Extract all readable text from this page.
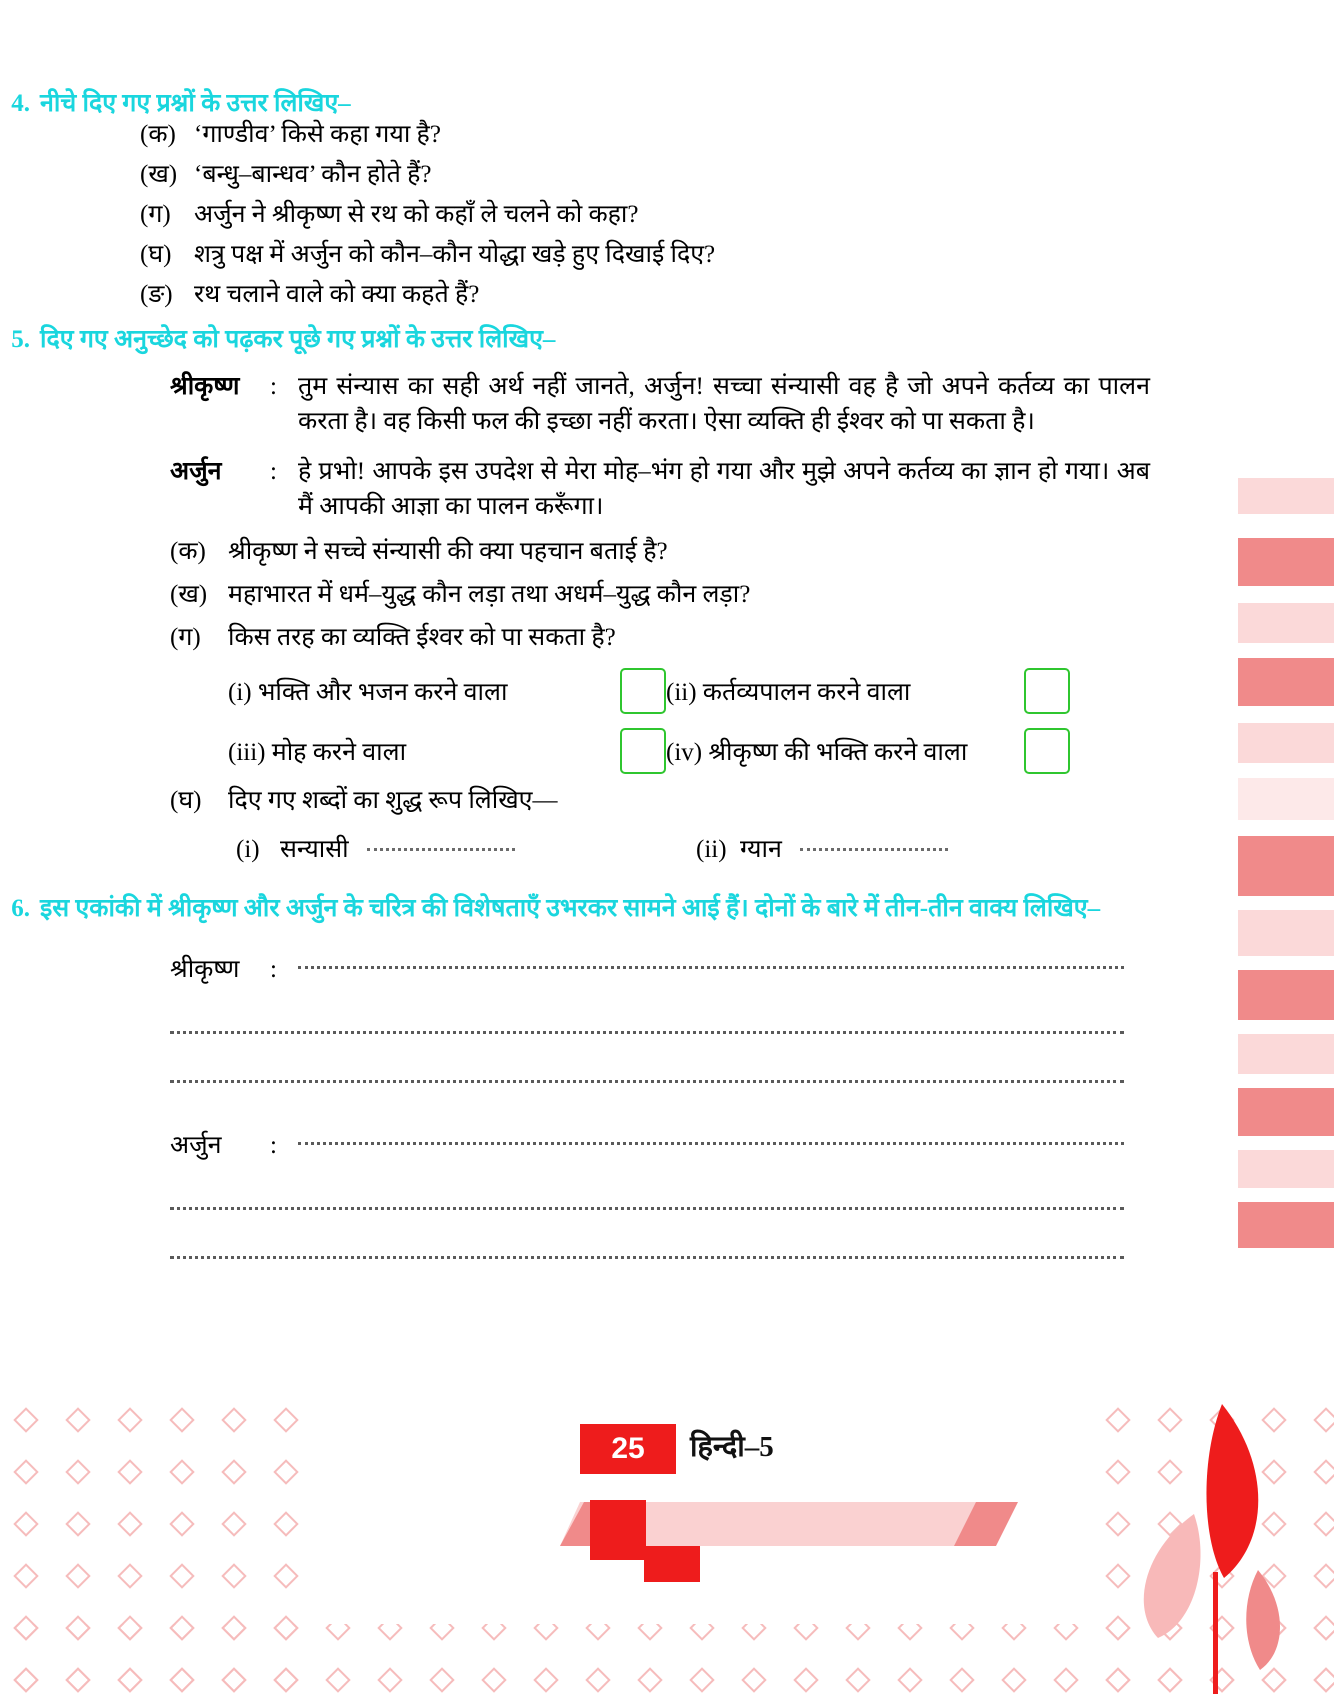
4. नीचे दिए गए प्रश्नों के उत्तर लिखिए–
(क) ‘गाण्डीव’ किसे कहा गया है?
(ख) ‘बन्धु–बान्धव’ कौन होते हैं?
(ग) अर्जुन ने श्रीकृष्ण से रथ को कहाँ ले चलने को कहा?
(घ) शत्रु पक्ष में अर्जुन को कौन–कौन योद्धा खड़े हुए दिखाई दिए?
(ङ) रथ चलाने वाले को क्या कहते हैं?
5. दिए गए अनुच्छेद को पढ़कर पूछे गए प्रश्नों के उत्तर लिखिए–
श्रीकृष्ण	: तुम संन्यास का सही अर्थ नहीं जानते, अर्जुन! सच्चा संन्यासी वह है जो अपने कर्तव्य का पालन करता है। वह किसी फल की इच्छा नहीं करता। ऐसा व्यक्ति ही ईश्वर को पा सकता है।
अर्जुन	: हे प्रभो! आपके इस उपदेश से मेरा मोह–भंग हो गया और मुझे अपने कर्तव्य का ज्ञान हो गया। अब मैं आपकी आज्ञा का पालन करूँगा।
(क) श्रीकृष्ण ने सच्चे संन्यासी की क्या पहचान बताई है?
(ख) महाभारत में धर्म–युद्ध कौन लड़ा तथा अधर्म–युद्ध कौन लड़ा?
(ग)	किस तरह का व्यक्ति ईश्वर को पा सकता है?
(i) भक्ति और भजन करने वाला	(ii) कर्तव्यपालन करने वाला
(iii) मोह करने वाला	(iv) श्रीकृष्ण की भक्ति करने वाला
(घ)	दिए गए शब्दों का शुद्ध रूप लिखिए—
(i) सन्यासी	(ii) ग्यान
6. इस एकांकी में श्रीकृष्ण और अर्जुन के चरित्र की विशेषताएँ उभरकर सामने आई हैं। दोनों के बारे में तीन-तीन वाक्य लिखिए–
श्रीकृष्ण	:
अर्जुन	:
25	हिन्दी–5
